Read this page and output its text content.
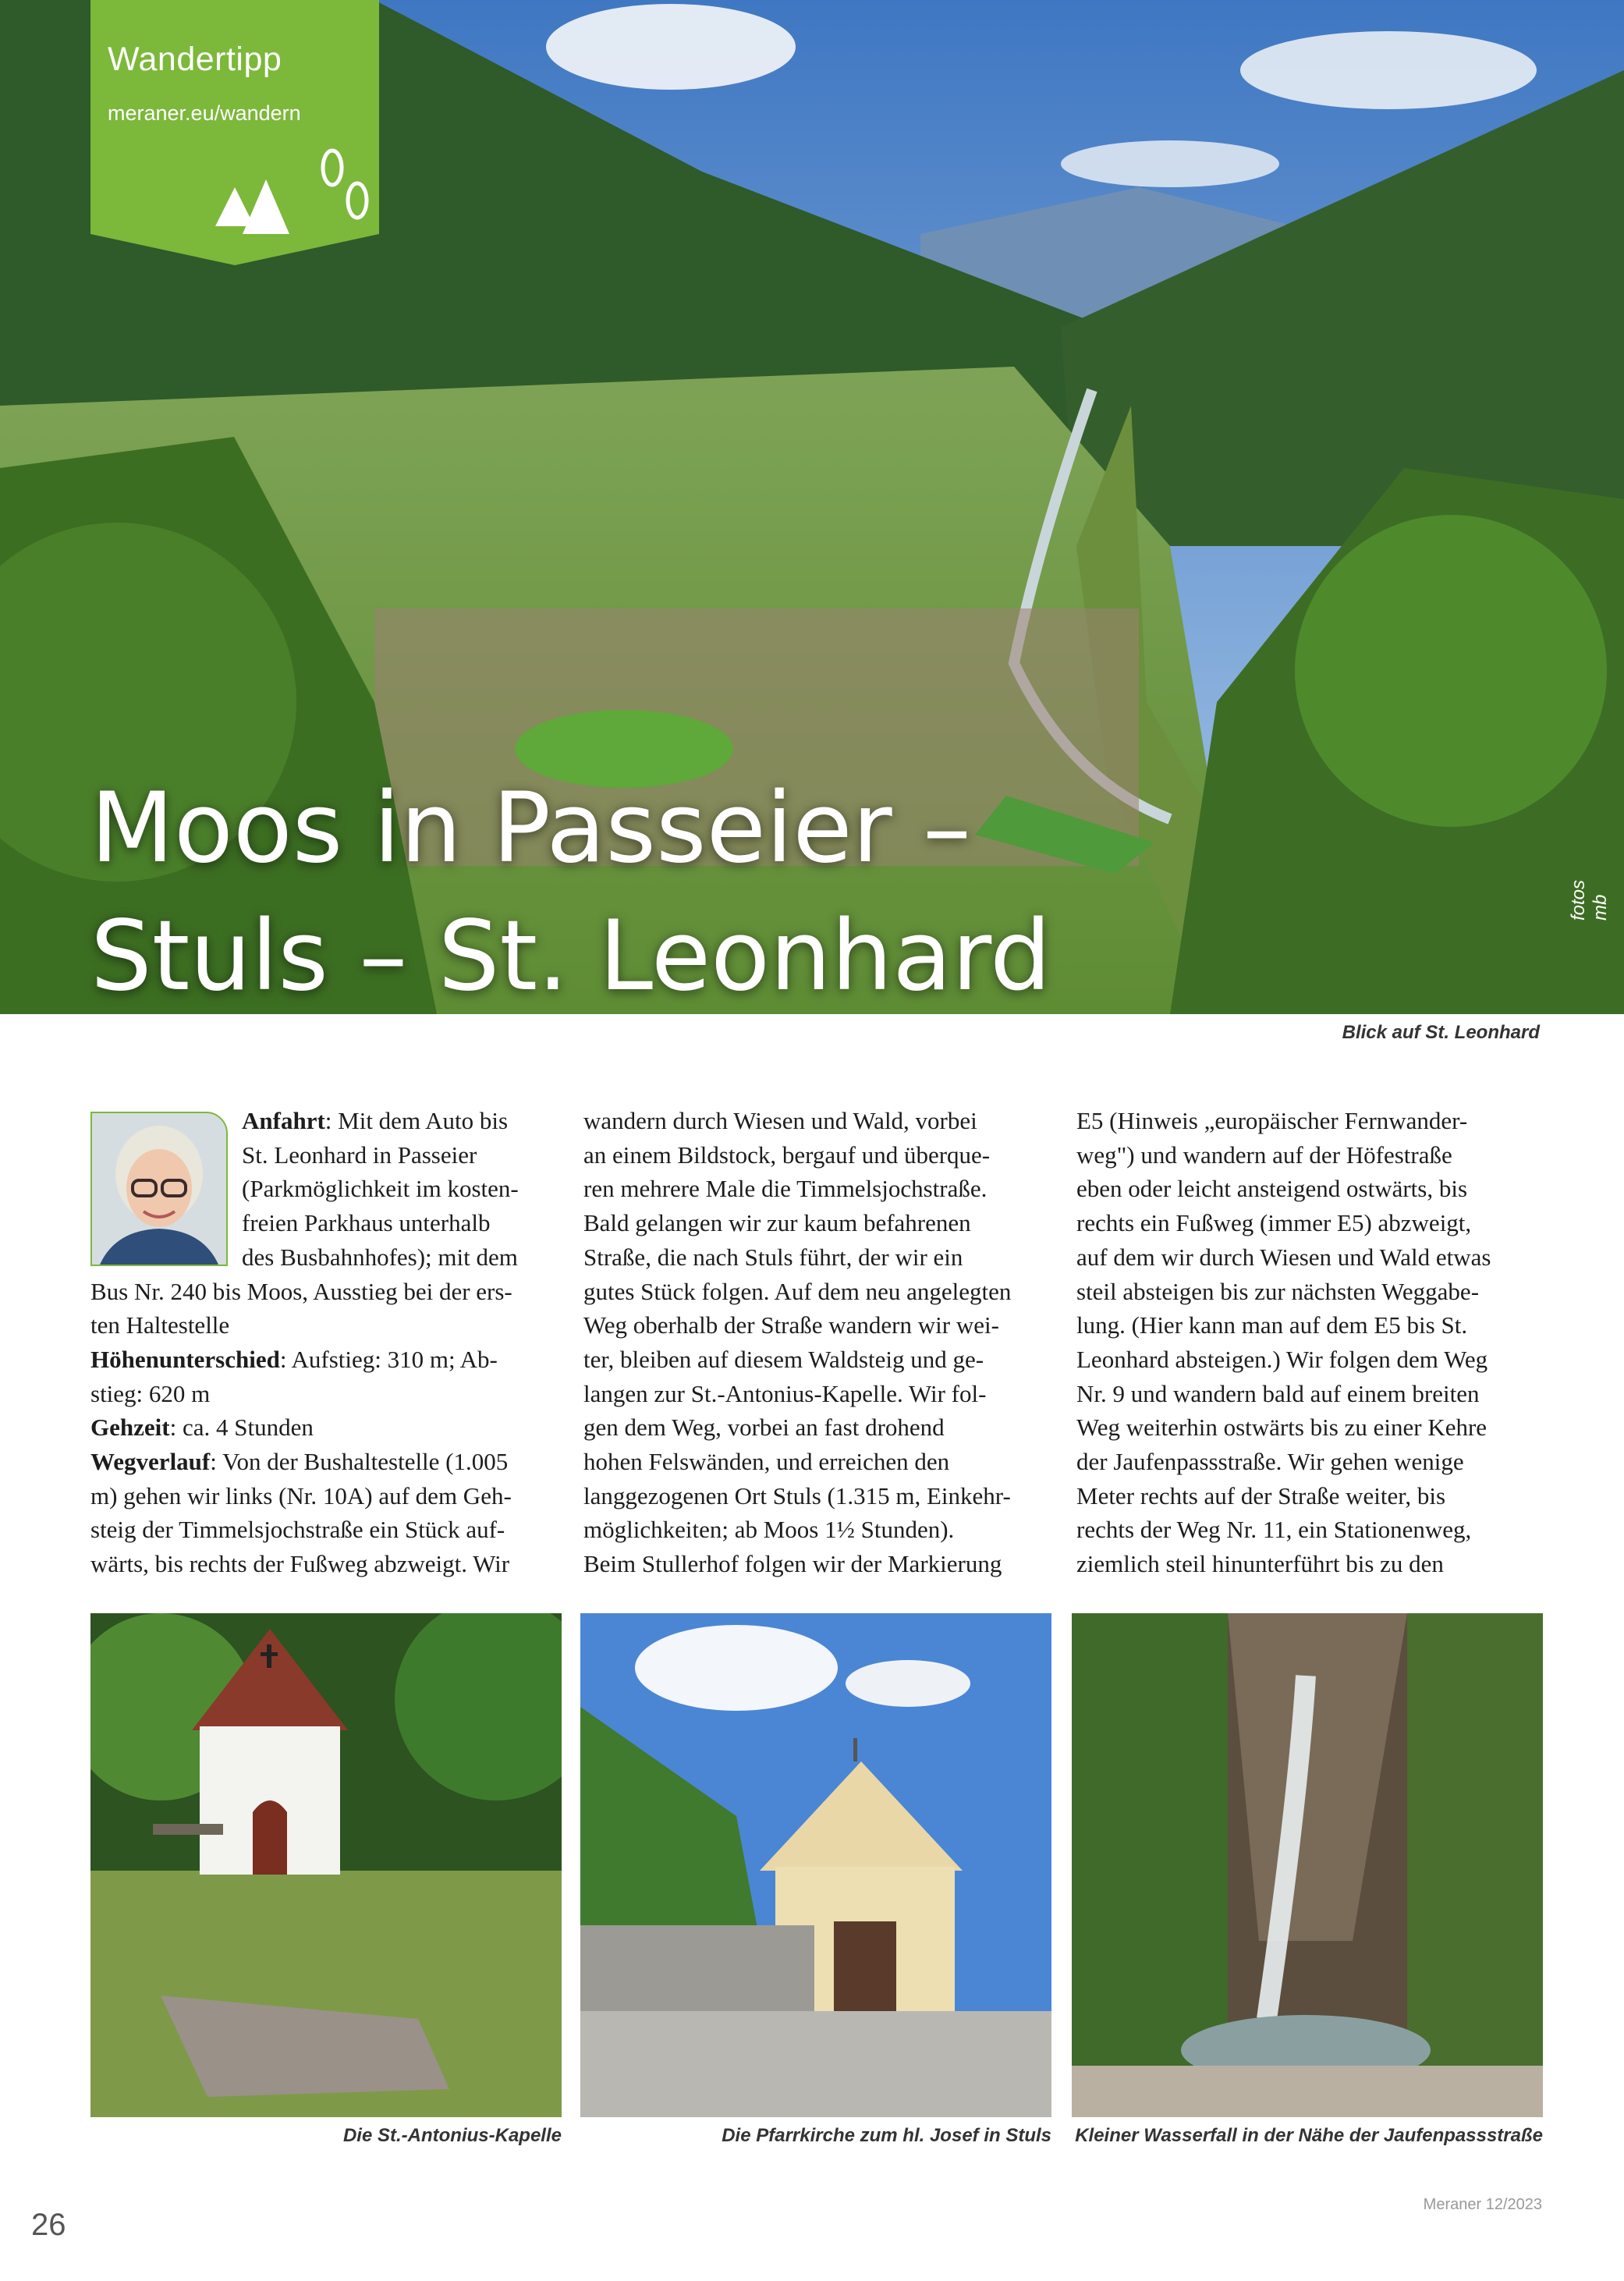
Wandertipp
meraner.eu/wandern
Moos in Passeier –
Stuls – St. Leonhard
fotos mb
Blick auf St. Leonhard

Anfahrt: Mit dem Auto bis

St. Leonhard in Passeier

(Parkmöglichkeit im kosten-

freien Parkhaus unterhalb

des Busbahnhofes); mit dem

Bus Nr. 240 bis Moos, Ausstieg bei der ers-

ten Haltestelle

Höhenunterschied: Aufstieg: 310 m; Ab-

stieg: 620 m

Gehzeit: ca. 4 Stunden

Wegverlauf: Von der Bushaltestelle (1.005

m) gehen wir links (Nr. 10A) auf dem Geh-

steig der Timmelsjochstraße ein Stück auf-

wärts, bis rechts der Fußweg abzweigt. Wir

wandern durch Wiesen und Wald, vorbei

an einem Bildstock, bergauf und überque-

ren mehrere Male die Timmelsjochstraße.

Bald gelangen wir zur kaum befahrenen

Straße, die nach Stuls führt, der wir ein

gutes Stück folgen. Auf dem neu angelegten

Weg oberhalb der Straße wandern wir wei-

ter, bleiben auf diesem Waldsteig und ge-

langen zur St.-Antonius-Kapelle. Wir fol-

gen dem Weg, vorbei an fast drohend

hohen Felswänden, und erreichen den

langgezogenen Ort Stuls (1.315 m, Einkehr-

möglichkeiten; ab Moos 1½ Stunden).

Beim Stullerhof folgen wir der Markierung

E5 (Hinweis „europäischer Fernwander-

weg") und wandern auf der Höfestraße

eben oder leicht ansteigend ostwärts, bis

rechts ein Fußweg (immer E5) abzweigt,

auf dem wir durch Wiesen und Wald etwas

steil absteigen bis zur nächsten Weggabe-

lung. (Hier kann man auf dem E5 bis St.

Leonhard absteigen.) Wir folgen dem Weg

Nr. 9 und wandern bald auf einem breiten

Weg weiterhin ostwärts bis zu einer Kehre

der Jaufenpassstraße. Wir gehen wenige

Meter rechts auf der Straße weiter, bis

rechts der Weg Nr. 11, ein Stationenweg,

ziemlich steil hinunterführt bis zu den

Die St.-Antonius-Kapelle	Die Pfarrkirche zum hl. Josef in Stuls Kleiner Wasserfall in der Nähe der Jaufenpassstraße
26
Meraner 12/2023
